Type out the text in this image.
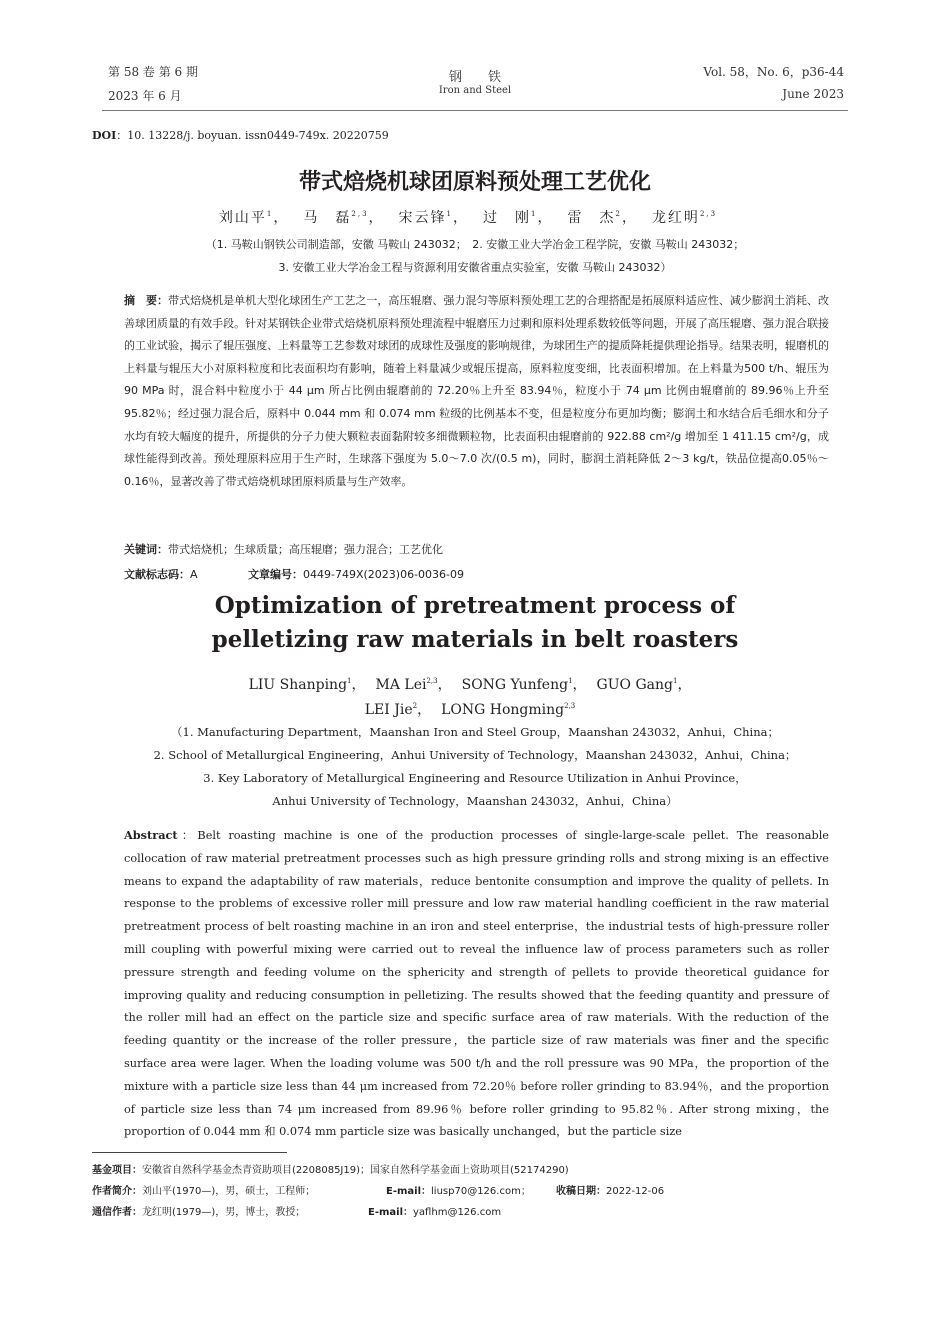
第 58 卷 第 6 期
2023 年 6 月
钢　　铁
Iron and Steel
Vol. 58，No. 6，p36-44
June 2023
DOI：10. 13228/j. boyuan. issn0449-749x. 20220759
带式焙烧机球团原料预处理工艺优化
刘山平$^1$， 马　磊$^{2,3}$， 宋云锋$^1$， 过　刚$^1$， 雷　杰$^2$， 龙红明$^{2,3}$
（1. 马鞍山钢铁公司制造部，安徽 马鞍山 243032；　2. 安徽工业大学冶金工程学院，安徽 马鞍山 243032；
3. 安徽工业大学冶金工程与资源利用安徽省重点实验室，安徽 马鞍山 243032）
摘　要：带式焙烧机是单机大型化球团生产工艺之一，高压辊磨、强力混匀等原料预处理工艺的合理搭配是拓展原料适应性、减少膨润土消耗、改善球团质量的有效手段。针对某钢铁企业带式焙烧机原料预处理流程中辊磨压力过剩和原料处理系数较低等问题，开展了高压辊磨、强力混合联接的工业试验，揭示了辊压强度、上料量等工艺参数对球团的成球性及强度的影响规律，为球团生产的提质降耗提供理论指导。结果表明，辊磨机的上料量与辊压大小对原料粒度和比表面积均有影响，随着上料量减少或辊压提高，原料粒度变细，比表面积增加。在上料量为500 t/h、辊压为 90 MPa 时，混合料中粒度小于 44 μm 所占比例由辊磨前的 72.20％上升至 83.94％，粒度小于 74 μm 比例由辊磨前的 89.96％上升至 95.82％；经过强力混合后，原料中 0.044 mm 和 0.074 mm 粒级的比例基本不变，但是粒度分布更加均衡；膨润土和水结合后毛细水和分子水均有较大幅度的提升，所提供的分子力使大颗粒表面黏附较多细微颗粒物，比表面积由辊磨前的 922.88 cm²/g 增加至 1 411.15 cm²/g，成球性能得到改善。预处理原料应用于生产时，生球落下强度为 5.0～7.0 次/(0.5 m)，同时，膨润土消耗降低 2～3 kg/t，铁品位提高0.05％～0.16％，显著改善了带式焙烧机球团原料质量与生产效率。
关键词：带式焙烧机；生球质量；高压辊磨；强力混合；工艺优化
文献标志码：A	文章编号：0449-749X(2023)06-0036-09
Optimization of pretreatment process of
pelletizing raw materials in belt roasters
LIU Shanping$^1$， MA Lei$^{2,3}$， SONG Yunfeng$^1$， GUO Gang$^1$，
LEI Jie$^2$， LONG Hongming$^{2,3}$
（1. Manufacturing Department，Maanshan Iron and Steel Group，Maanshan 243032，Anhui，China；
2. School of Metallurgical Engineering，Anhui University of Technology，Maanshan 243032，Anhui，China；
3. Key Laboratory of Metallurgical Engineering and Resource Utilization in Anhui Province，
Anhui University of Technology，Maanshan 243032，Anhui，China）
Abstract：Belt roasting machine is one of the production processes of single-large-scale pellet. The reasonable collocation of raw material pretreatment processes such as high pressure grinding rolls and strong mixing is an effective means to expand the adaptability of raw materials，reduce bentonite consumption and improve the quality of pellets. In response to the problems of excessive roller mill pressure and low raw material handling coefficient in the raw material pretreatment process of belt roasting machine in an iron and steel enterprise，the industrial tests of high-pressure roller mill coupling with powerful mixing were carried out to reveal the influence law of process parameters such as roller pressure strength and feeding volume on the sphericity and strength of pellets to provide theoretical guidance for improving quality and reducing consumption in pelletizing. The results showed that the feeding quantity and pressure of the roller mill had an effect on the particle size and specific surface area of raw materials. With the reduction of the feeding quantity or the increase of the roller pressure，the particle size of raw materials was finer and the specific surface area were lager. When the loading volume was 500 t/h and the roll pressure was 90 MPa，the proportion of the mixture with a particle size less than 44 μm increased from 72.20％ before roller grinding to 83.94％，and the proportion of particle size less than 74 μm increased from 89.96％ before roller grinding to 95.82％. After strong mixing，the proportion of 0.044 mm 和 0.074 mm particle size was basically unchanged，but the particle size
基金项目：安徽省自然科学基金杰青资助项目(2208085J19)；国家自然科学基金面上资助项目(52174290)
作者简介：刘山平(1970—)，男，硕士，工程师；	E-mail：liusp70@126.com；	收稿日期：2022-12-06
通信作者：龙红明(1979—)，男，博士，教授；	E-mail：yaflhm@126.com
